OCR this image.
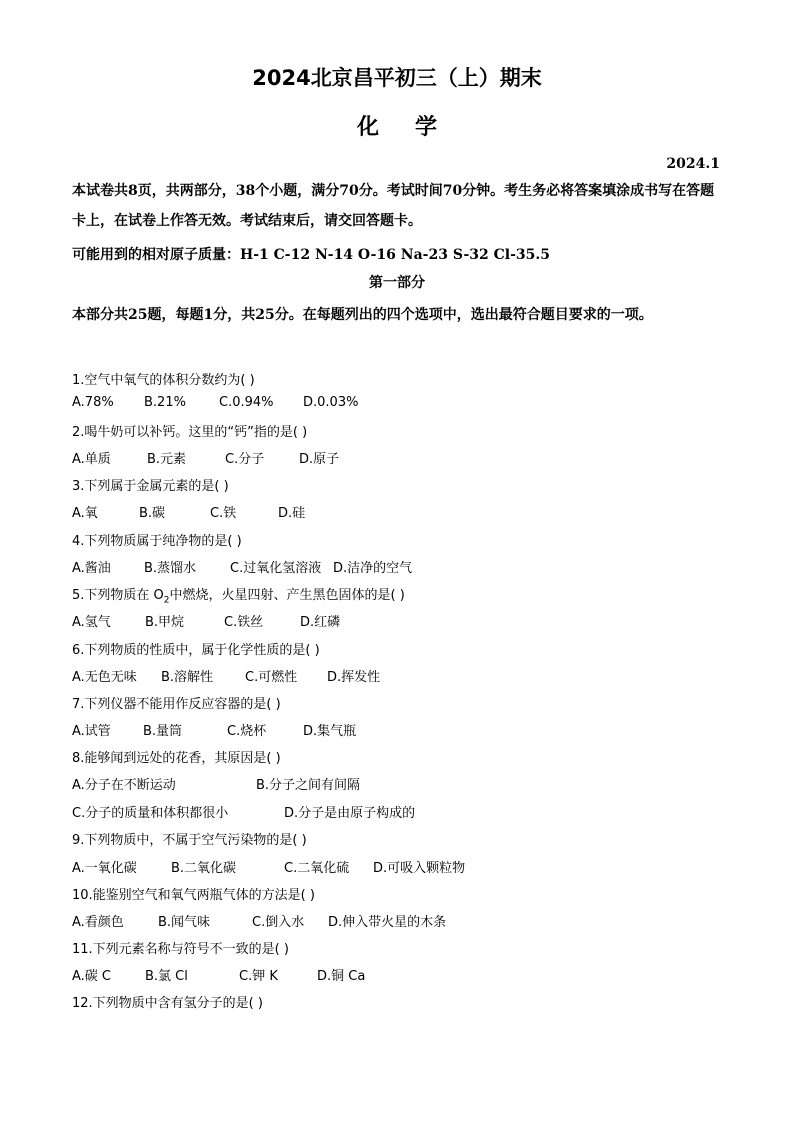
2024北京昌平初三（上）期末
化学
2024.1
本试卷共8页，共两部分，38个小题，满分70分。考试时间70分钟。考生务必将答案填涂成书写在答题卡上，在试卷上作答无效。考试结束后，请交回答题卡。
可能用到的相对原子质量：H-1 C-12 N-14 O-16 Na-23 S-32 Cl-35.5
第一部分
本部分共25题，每题1分，共25分。在每题列出的四个选项中，选出最符合题目要求的一项。
1.空气中氧气的体积分数约为( )
A.78% B.21%	C.0.94% D.0.03%
2.喝牛奶可以补钙。这里的“钙”指的是( )
A.单质	B.元素	C.分子	D.原子
3.下列属于金属元素的是( )
A.氧	B.碳	C.铁	D.硅
4.下列物质属于纯净物的是( )
A.酱油	B.蒸馏水	C.过氧化氢溶液 D.洁净的空气
5.下列物质在 $O_2$中燃烧，火星四射、产生黑色固体的是( )
A.氢气	B.甲烷	C.铁丝	D.红磷
6.下列物质的性质中，属于化学性质的是( )
A.无色无味 B.溶解性 C.可燃性 D.挥发性
7.下列仪器不能用作反应容器的是( )
A.试管 B.量筒	C.烧杯	D.集气瓶
8.能够闻到远处的花香，其原因是( )
A.分子在不断运动	B.分子之间有间隔
C.分子的质量和体积都很小	D.分子是由原子构成的
9.下列物质中，不属于空气污染物的是( )
A.一氧化碳	B.二氧化碳	C.二氧化硫 D.可吸入颗粒物
10.能鉴别空气和氧气两瓶气体的方法是( )
A.看颜色	B.闻气味	C.倒入水 D.伸入带火星的木条
11.下列元素名称与符号不一致的是( )
A.碳 C	B.氯 Cl	C.钾 K	D.铜 Ca
12.下列物质中含有氢分子的是( )
